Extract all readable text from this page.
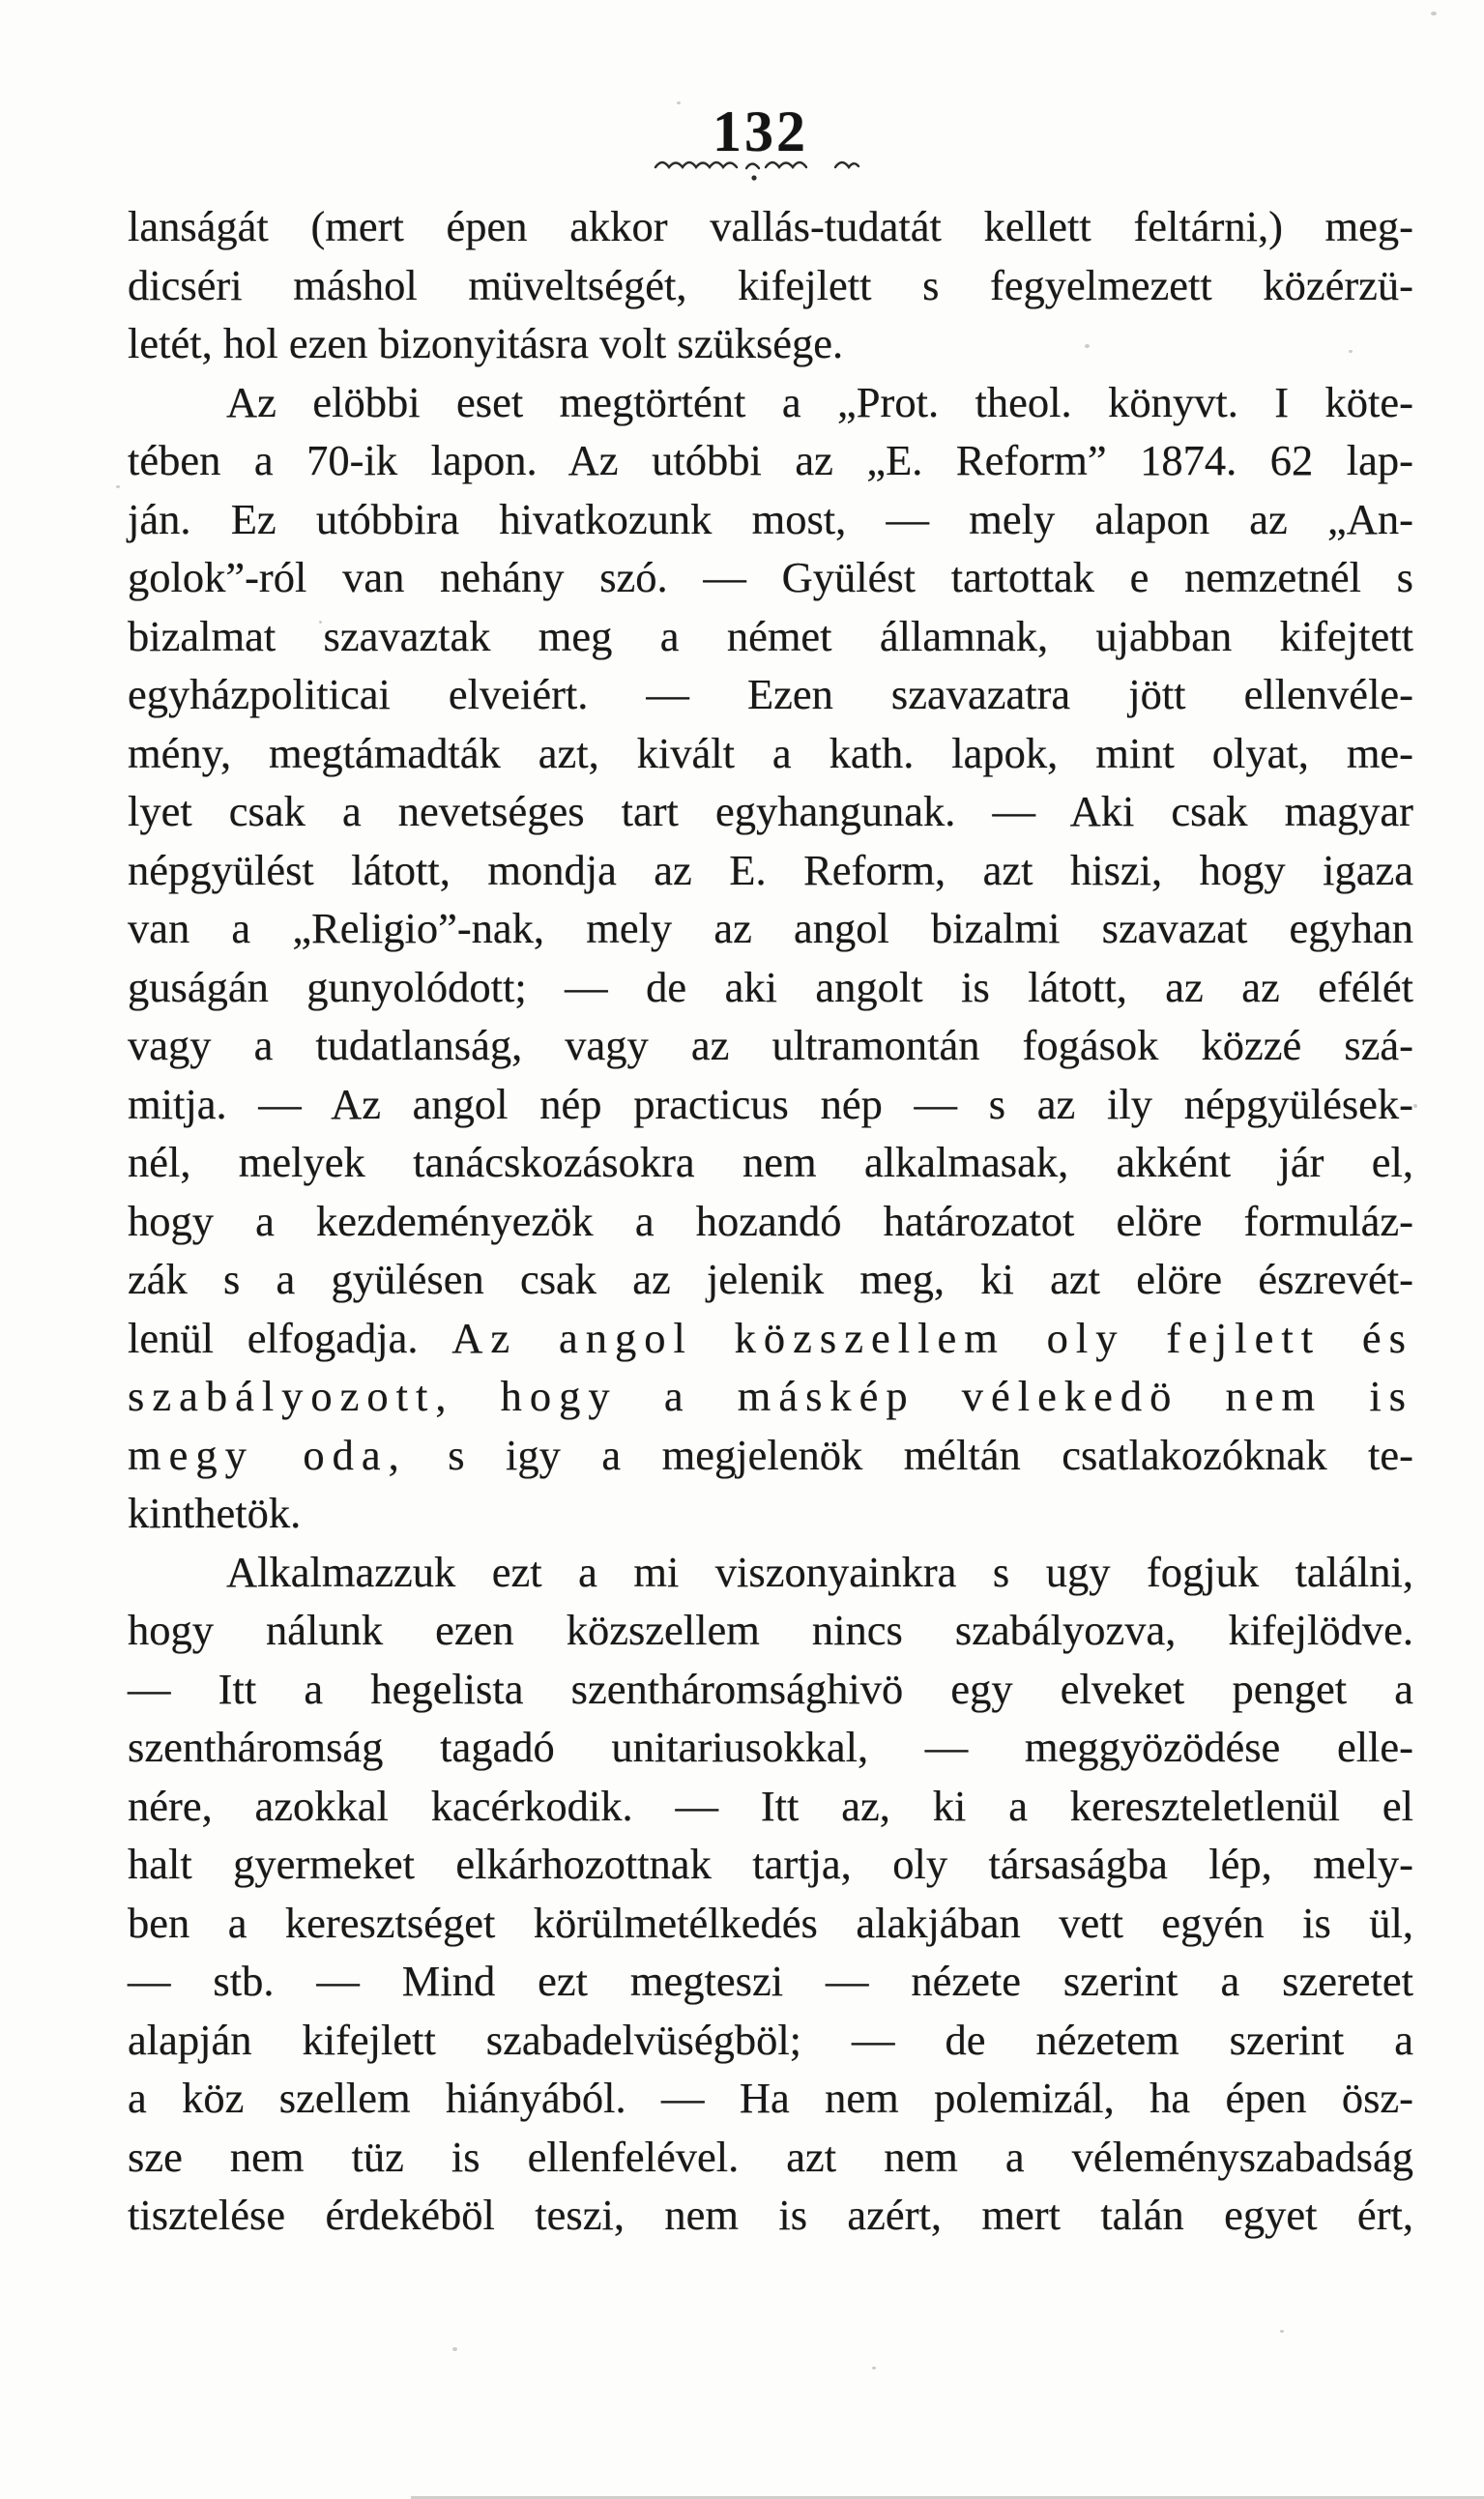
132
lanságát (mert épen akkor vallás-tudatát kellett feltárni,) meg-
dicséri máshol müveltségét, kifejlett s fegyelmezett közérzü-
letét, hol ezen bizonyitásra volt szüksége.
Az elöbbi eset megtörtént a „Prot. theol. könyvt. I köte-
tében a 70-ik lapon. Az utóbbi az „E. Reform” 1874. 62 lap-
ján. Ez utóbbira hivatkozunk most, — mely alapon az „An-
golok”-ról van nehány szó. — Gyülést tartottak e nemzetnél s
bizalmat szavaztak meg a német államnak, ujabban kifejtett
egyházpoliticai elveiért. — Ezen szavazatra jött ellenvéle-
mény, megtámadták azt, kivált a kath. lapok, mint olyat, me-
lyet csak a nevetséges tart egyhangunak. — Aki csak magyar
népgyülést látott, mondja az E. Reform, azt hiszi, hogy igaza
van a „Religio”-nak, mely az angol bizalmi szavazat egyhan
guságán gunyolódott; — de aki angolt is látott, az az efélét
vagy a tudatlanság, vagy az ultramontán fogások közzé szá-
mitja. — Az angol nép practicus nép — s az ily népgyülések-
nél, melyek tanácskozásokra nem alkalmasak, akként jár el,
hogy a kezdeményezök a hozandó határozatot elöre formuláz-
zák s a gyülésen csak az jelenik meg, ki azt elöre észrevét-
lenül elfogadja. Az angol közszellem oly fejlett és
szabályozott, hogy a máskép vélekedö nem is
megy oda, s igy a megjelenök méltán csatlakozóknak te-
kinthetök.
Alkalmazzuk ezt a mi viszonyainkra s ugy fogjuk találni,
hogy nálunk ezen közszellem nincs szabályozva, kifejlödve.
— Itt a hegelista szentháromsághivö egy elveket penget a
szentháromság tagadó unitariusokkal, — meggyözödése elle-
nére, azokkal kacérkodik. — Itt az, ki a kereszteletlenül el
halt gyermeket elkárhozottnak tartja, oly társaságba lép, mely-
ben a keresztséget körülmetélkedés alakjában vett egyén is ül,
— stb. — Mind ezt megteszi — nézete szerint a szeretet
alapján kifejlett szabadelvüségböl; — de nézetem szerint a
a köz szellem hiányából. — Ha nem polemizál, ha épen ösz-
sze nem tüz is ellenfelével. azt nem a véleményszabadság
tisztelése érdekéböl teszi, nem is azért, mert talán egyet ért,
